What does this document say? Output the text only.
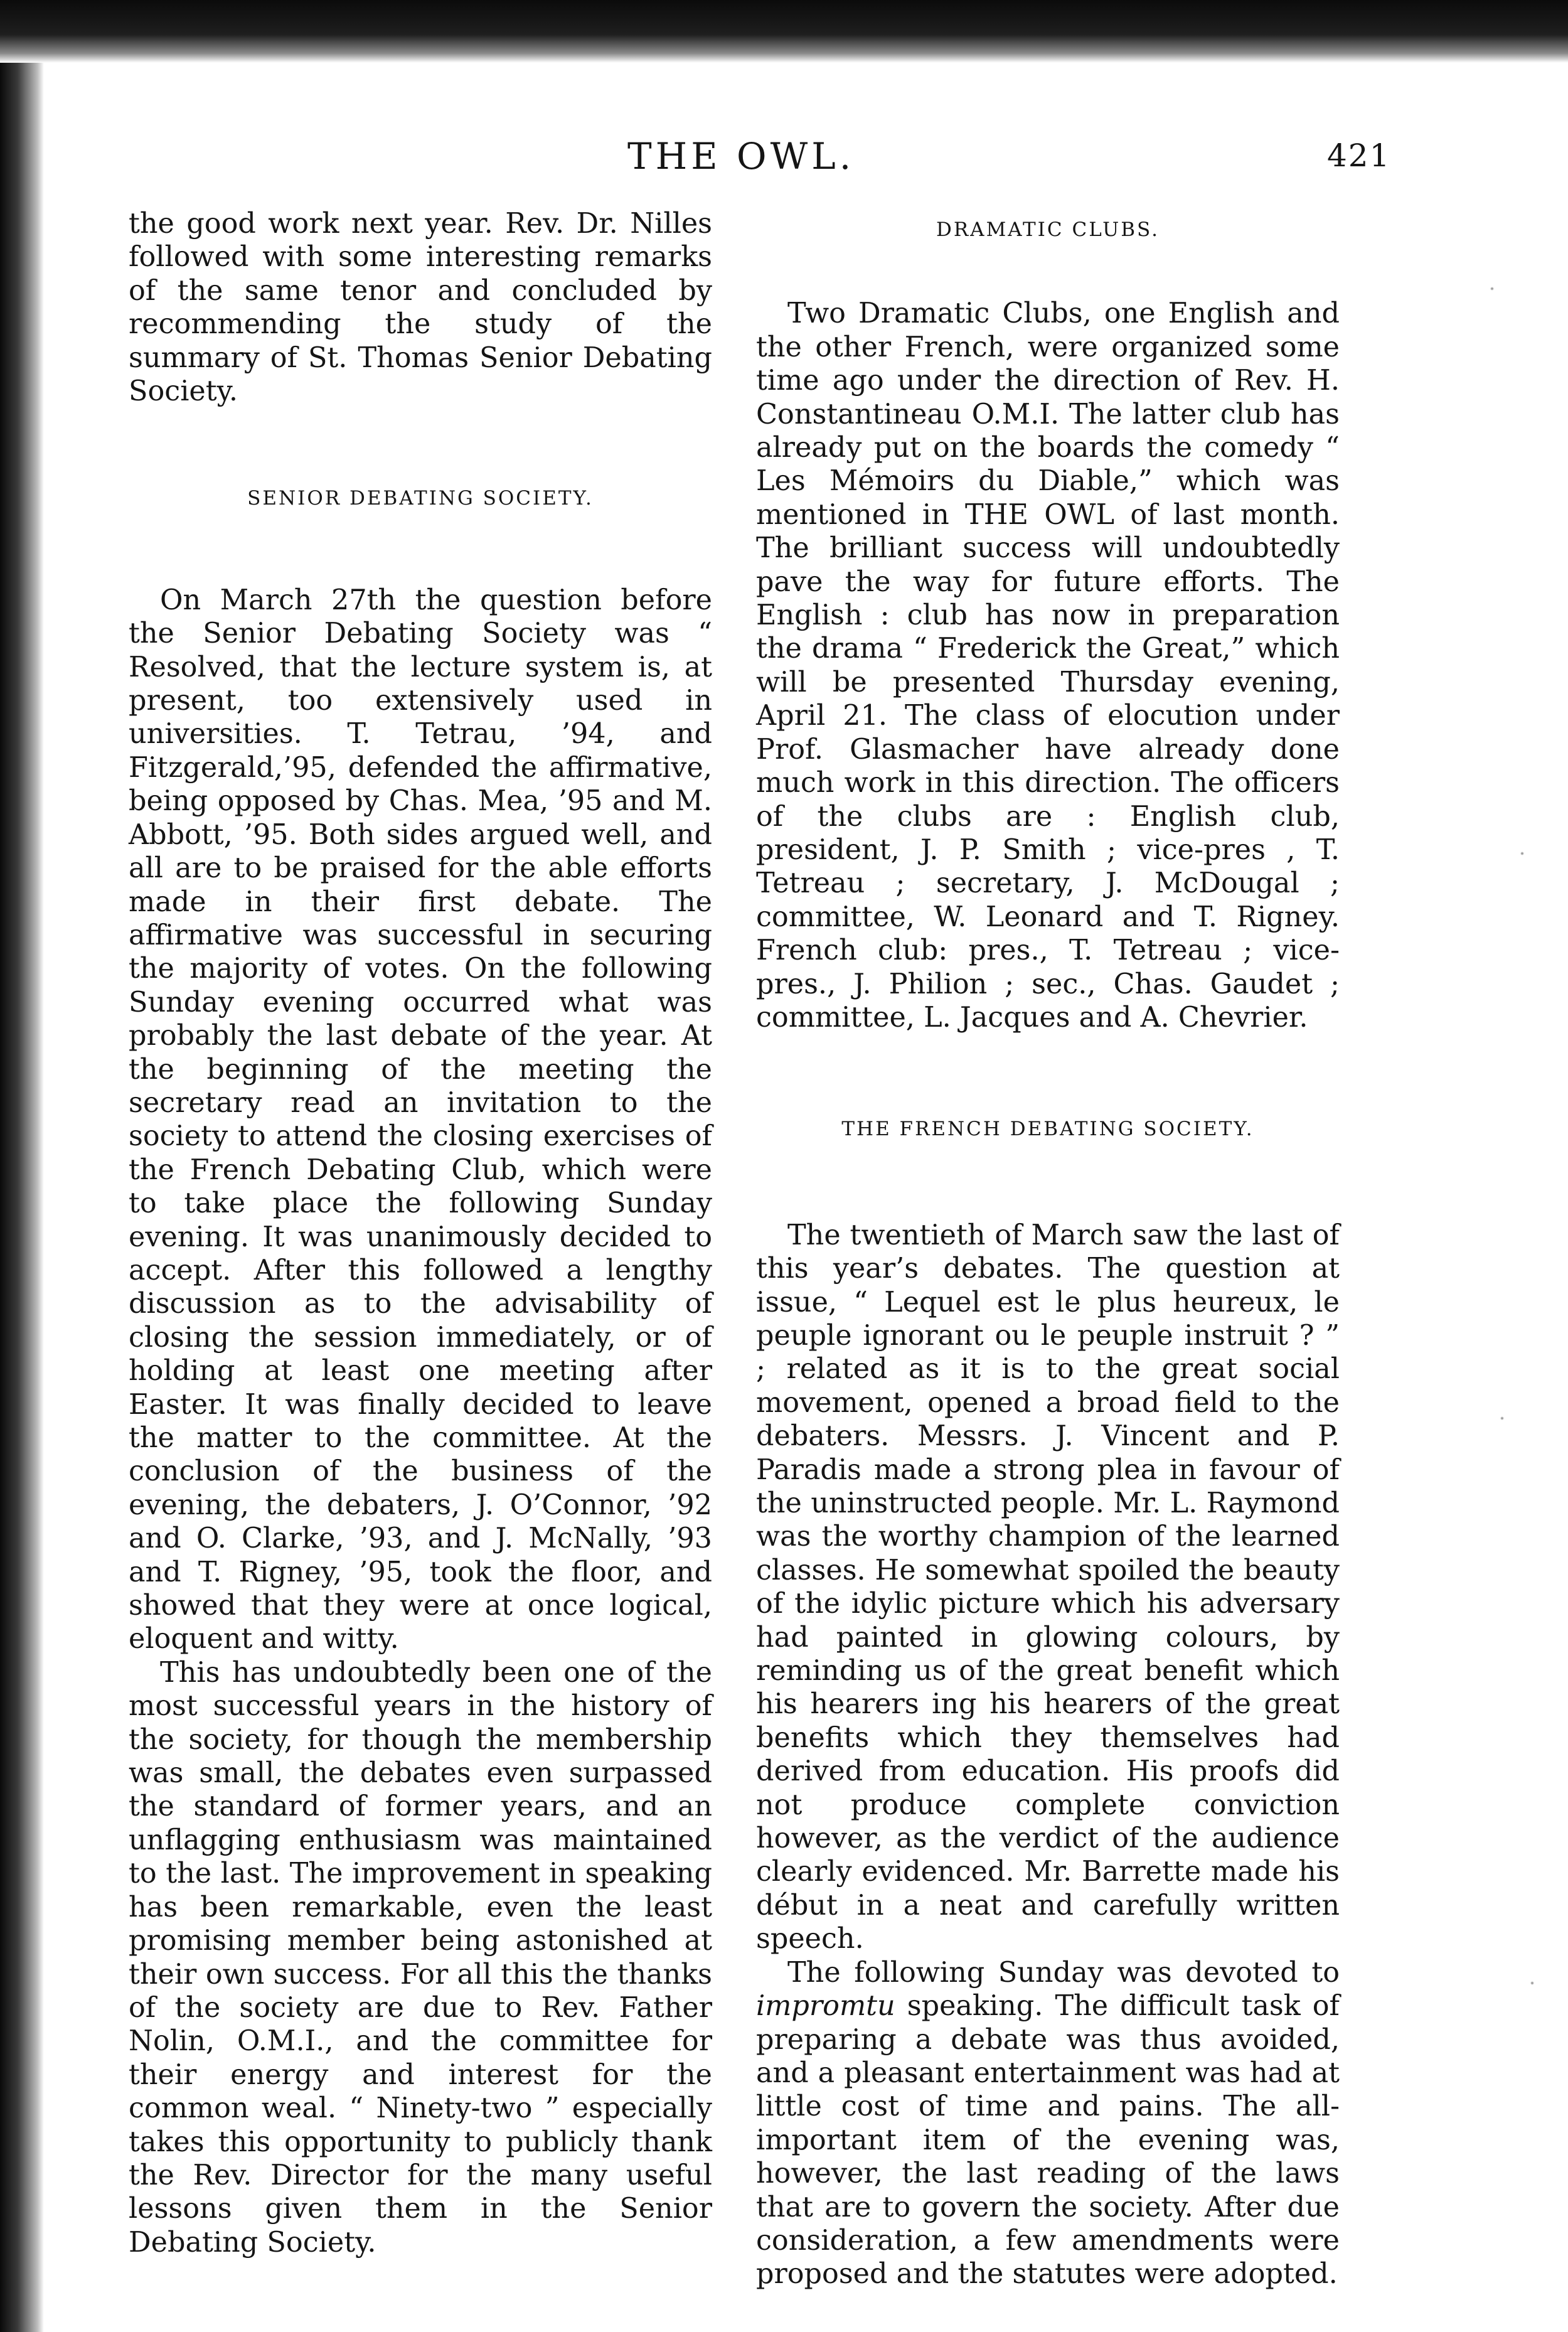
THE OWL.	421

the good work next year. Rev. Dr. Nilles followed with some interesting remarks of the same tenor and concluded by recommending the study of the summary of St. Thomas Senior Debating Society.

SENIOR DEBATING SOCIETY.

On March 27th the question before the Senior Debating Society was “ Resolved, that the lecture system is, at present, too extensively used in universities. T. Tetrau, ’94, and Fitzgerald,’95, defended the affirmative, being opposed by Chas. Mea, ’95 and M. Abbott, ’95. Both sides argued well, and all are to be praised for the able efforts made in their first debate. The affirmative was successful in securing the majority of votes. On the following Sunday evening occurred what was probably the last debate of the year. At the beginning of the meeting the secretary read an invitation to the society to attend the closing exercises of the French Debating Club, which were to take place the following Sunday evening. It was unanimously decided to accept. After this followed a lengthy discussion as to the advisability of closing the session immediately, or of holding at least one meeting after Easter. It was finally decided to leave the matter to the committee. At the conclusion of the business of the evening, the debaters, J. O’Connor, ’92 and O. Clarke, ’93, and J. McNally, ’93 and T. Rigney, ’95, took the floor, and showed that they were at once logical, eloquent and witty.

This has undoubtedly been one of the most successful years in the history of the society, for though the membership was small, the debates even surpassed the standard of former years, and an unflagging enthusiasm was maintained to the last. The improvement in speaking has been remarkable, even the least promising member being astonished at their own success. For all this the thanks of the society are due to Rev. Father Nolin, O.M.I., and the committee for their energy and interest for the common weal. “ Ninety-two ” especially takes this opportunity to publicly thank the Rev. Director for the many useful lessons given them in the Senior Debating Society.

DRAMATIC CLUBS.

Two Dramatic Clubs, one English and the other French, were organized some time ago under the direction of Rev. H. Constantineau O.M.I. The latter club has already put on the boards the comedy “ Les Mémoirs du Diable,” which was mentioned in THE OWL of last month. The brilliant success will undoubtedly pave the way for future efforts. The English : club has now in preparation the drama “ Frederick the Great,” which will be presented Thursday evening, April 21. The class of elocution under Prof. Glasmacher have already done much work in this direction. The officers of the clubs are : English club, president, J. P. Smith ; vice-pres , T. Tetreau ; secretary, J. McDougal ; committee, W. Leonard and T. Rigney. French club: pres., T. Tetreau ; vice-pres., J. Philion ; sec., Chas. Gaudet ; committee, L. Jacques and A. Chevrier.

THE FRENCH DEBATING SOCIETY.

The twentieth of March saw the last of this year’s debates. The question at issue, “ Lequel est le plus heureux, le peuple ignorant ou le peuple instruit ? ” ; related as it is to the great social movement, opened a broad field to the debaters. Messrs. J. Vincent and P. Paradis made a strong plea in favour of the uninstructed people. Mr. L. Raymond was the worthy champion of the learned classes. He somewhat spoiled the beauty of the idylic picture which his adversary had painted in glowing colours, by reminding us of the great benefit which his hearers ing his hearers of the great benefits which they themselves had derived from education. His proofs did not produce complete conviction however, as the verdict of the audience clearly evidenced. Mr. Barrette made his début in a neat and carefully written speech.

The following Sunday was devoted to impromtu speaking. The difficult task of preparing a debate was thus avoided, and a pleasant entertainment was had at little cost of time and pains. The all-important item of the evening was, however, the last reading of the laws that are to govern the society. After due consideration, a few amendments were proposed and the statutes were adopted.
